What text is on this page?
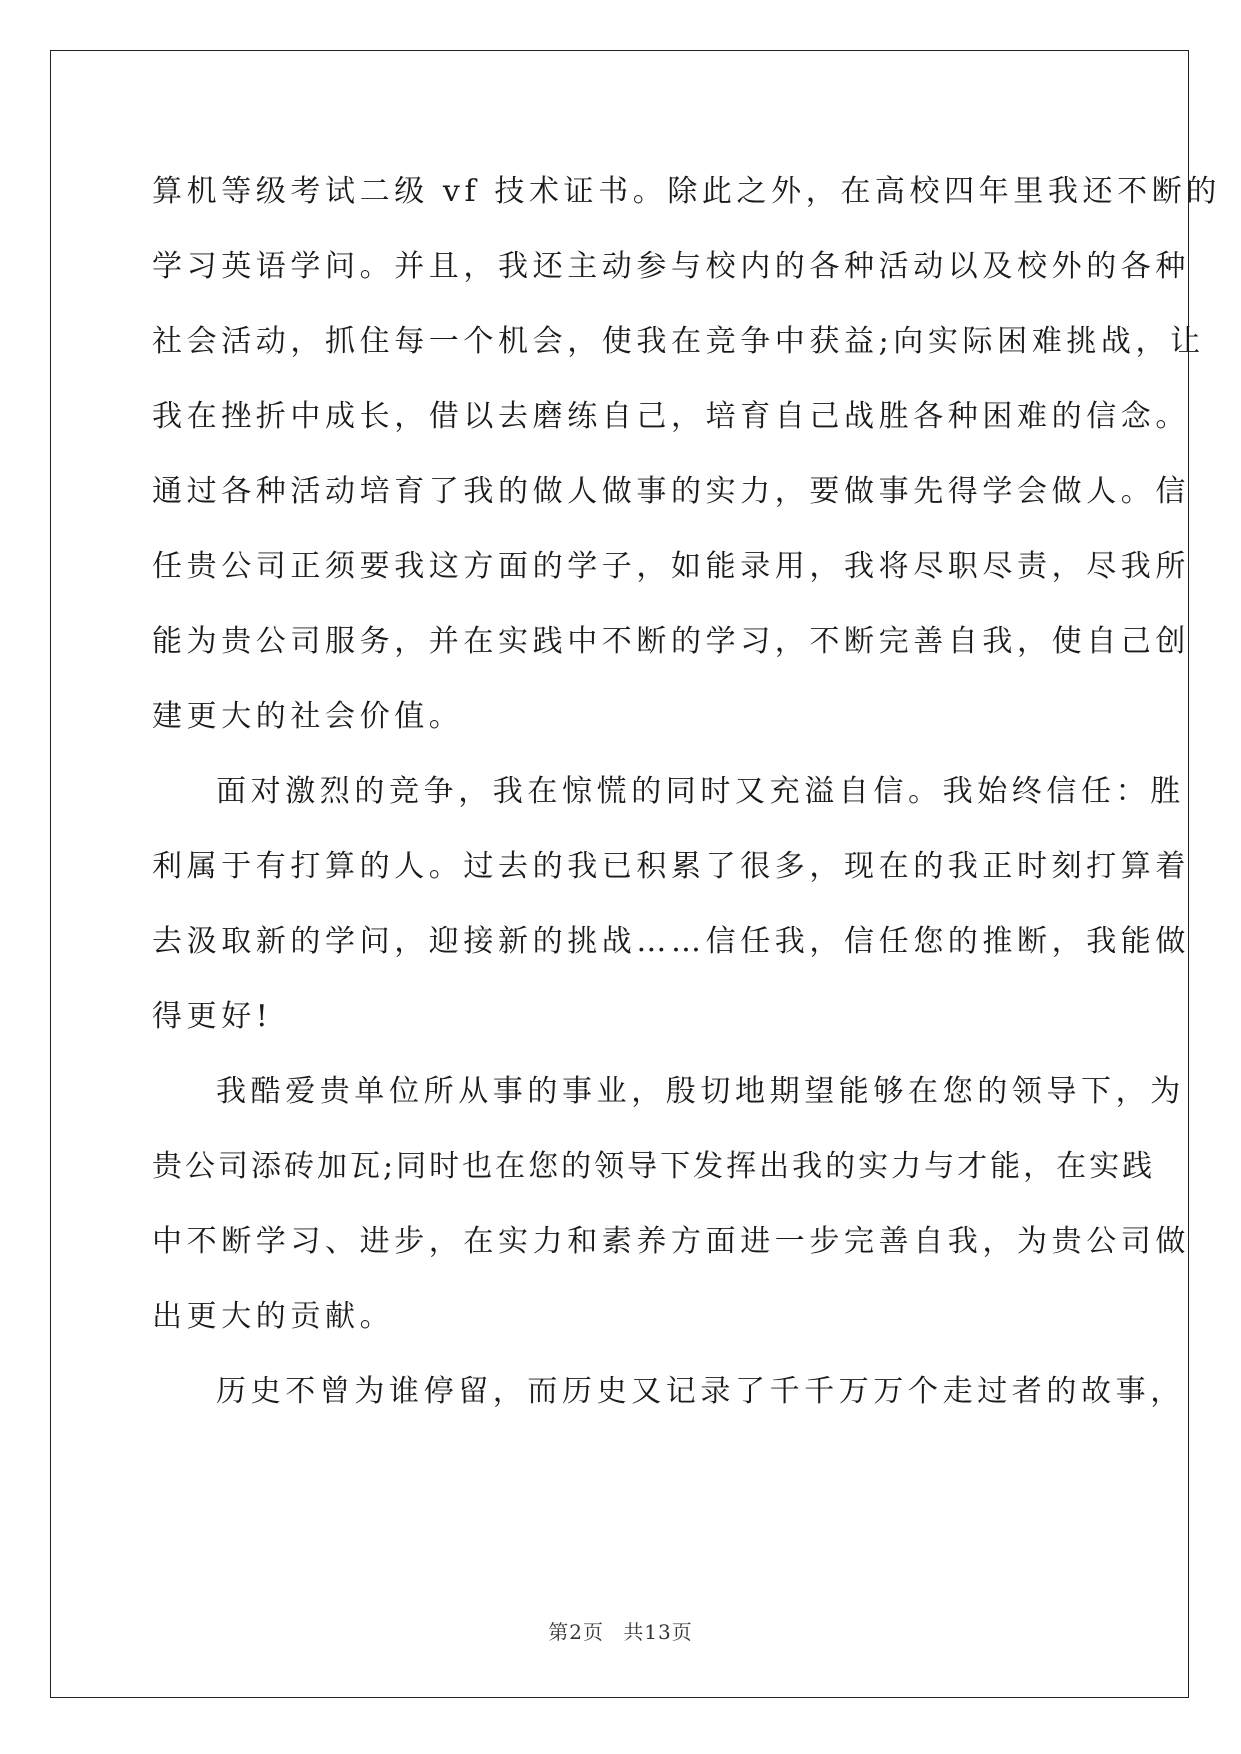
算机等级考试二级 vf 技术证书。除此之外，在高校四年里我还不断的
学习英语学问。并且，我还主动参与校内的各种活动以及校外的各种
社会活动，抓住每一个机会，使我在竞争中获益;向实际困难挑战，让
我在挫折中成长，借以去磨练自己，培育自己战胜各种困难的信念。
通过各种活动培育了我的做人做事的实力，要做事先得学会做人。信
任贵公司正须要我这方面的学子，如能录用，我将尽职尽责，尽我所
能为贵公司服务，并在实践中不断的学习，不断完善自我，使自己创
建更大的社会价值。
面对激烈的竞争，我在惊慌的同时又充溢自信。我始终信任：胜
利属于有打算的人。过去的我已积累了很多，现在的我正时刻打算着
去汲取新的学问，迎接新的挑战……信任我，信任您的推断，我能做
得更好!
我酷爱贵单位所从事的事业，殷切地期望能够在您的领导下，为
贵公司添砖加瓦;同时也在您的领导下发挥出我的实力与才能，在实践
中不断学习、进步，在实力和素养方面进一步完善自我，为贵公司做
出更大的贡献。
历史不曾为谁停留，而历史又记录了千千万万个走过者的故事，
第2页 共13页
